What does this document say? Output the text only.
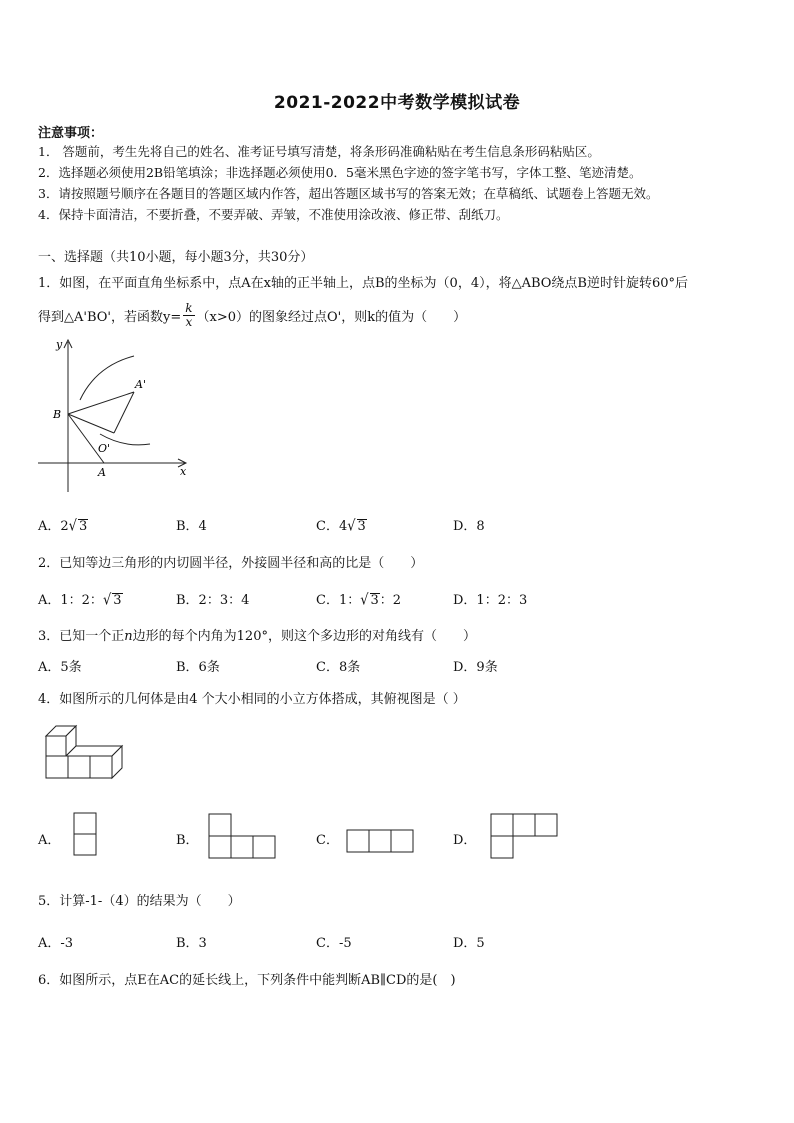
2021-2022中考数学模拟试卷
注意事项：
1． 答题前，考生先将自己的姓名、准考证号填写清楚，将条形码准确粘贴在考生信息条形码粘贴区。
2．选择题必须使用2B铅笔填涂；非选择题必须使用0．5毫米黑色字迹的签字笔书写，字体工整、笔迹清楚。
3．请按照题号顺序在各题目的答题区域内作答，超出答题区域书写的答案无效；在草稿纸、试题卷上答题无效。
4．保持卡面清洁，不要折叠，不要弄破、弄皱，不准使用涂改液、修正带、刮纸刀。
一、选择题（共10小题，每小题3分，共30分）
1．如图，在平面直角坐标系中，点A在x轴的正半轴上，点B的坐标为（0，4），将△ABO绕点B逆时针旋转60°后
得到△A'BO'，若函数$y= \frac{k}{x} (x>0)$的图象经过点O'，则k的值为（　　）
y
x
B
A
A'
O'
A．2√ 3	B．4	C．4√ 3	D．8
2．已知等边三角形的内切圆半径，外接圆半径和高的比是（　　）
A．1：2：√ 3	B．2：3：4	C．1：√ 3：2	D．1：2：3
3．已知一个正n边形的每个内角为120°，则这个多边形的对角线有（　　）
A．5条	B．6条	C．8条	D．9条
4．如图所示的几何体是由4 个大小相同的小立方体搭成，其俯视图是（ ）
A．	B．	C．	D．
5．计算-1-（4）的结果为（　　）
A．-3	B．3	C．-5	D．5
6．如图所示，点E在AC的延长线上，下列条件中能判断AB∥CD的是(　)
